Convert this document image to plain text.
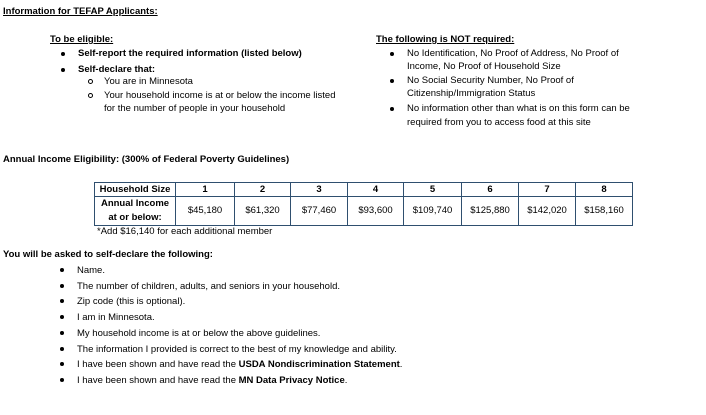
Information for TEFAP Applicants:
To be eligible:
Self-report the required information (listed below)
Self-declare that:
You are in Minnesota
Your household income is at or below the income listed
for the number of people in your household
The following is NOT required:
No Identification, No Proof of Address, No Proof of
Income, No Proof of Household Size
No Social Security Number, No Proof of
Citizenship/Immigration Status
No information other than what is on this form can be
required from you to access food at this site
Annual Income Eligibility: (300% of Federal Poverty Guidelines)
Household Size	1	2	3	4	5	6	7	8

Annual Income
at or below:	$45,180	$61,320	$77,460	$93,600	$109,740	$125,880	$142,020	$158,160
*Add $16,140 for each additional member
You will be asked to self-declare the following:
Name.
The number of children, adults, and seniors in your household.
Zip code (this is optional).
I am in Minnesota.
My household income is at or below the above guidelines.
The information I provided is correct to the best of my knowledge and ability.
I have been shown and have read the USDA Nondiscrimination Statement.
I have been shown and have read the MN Data Privacy Notice.
